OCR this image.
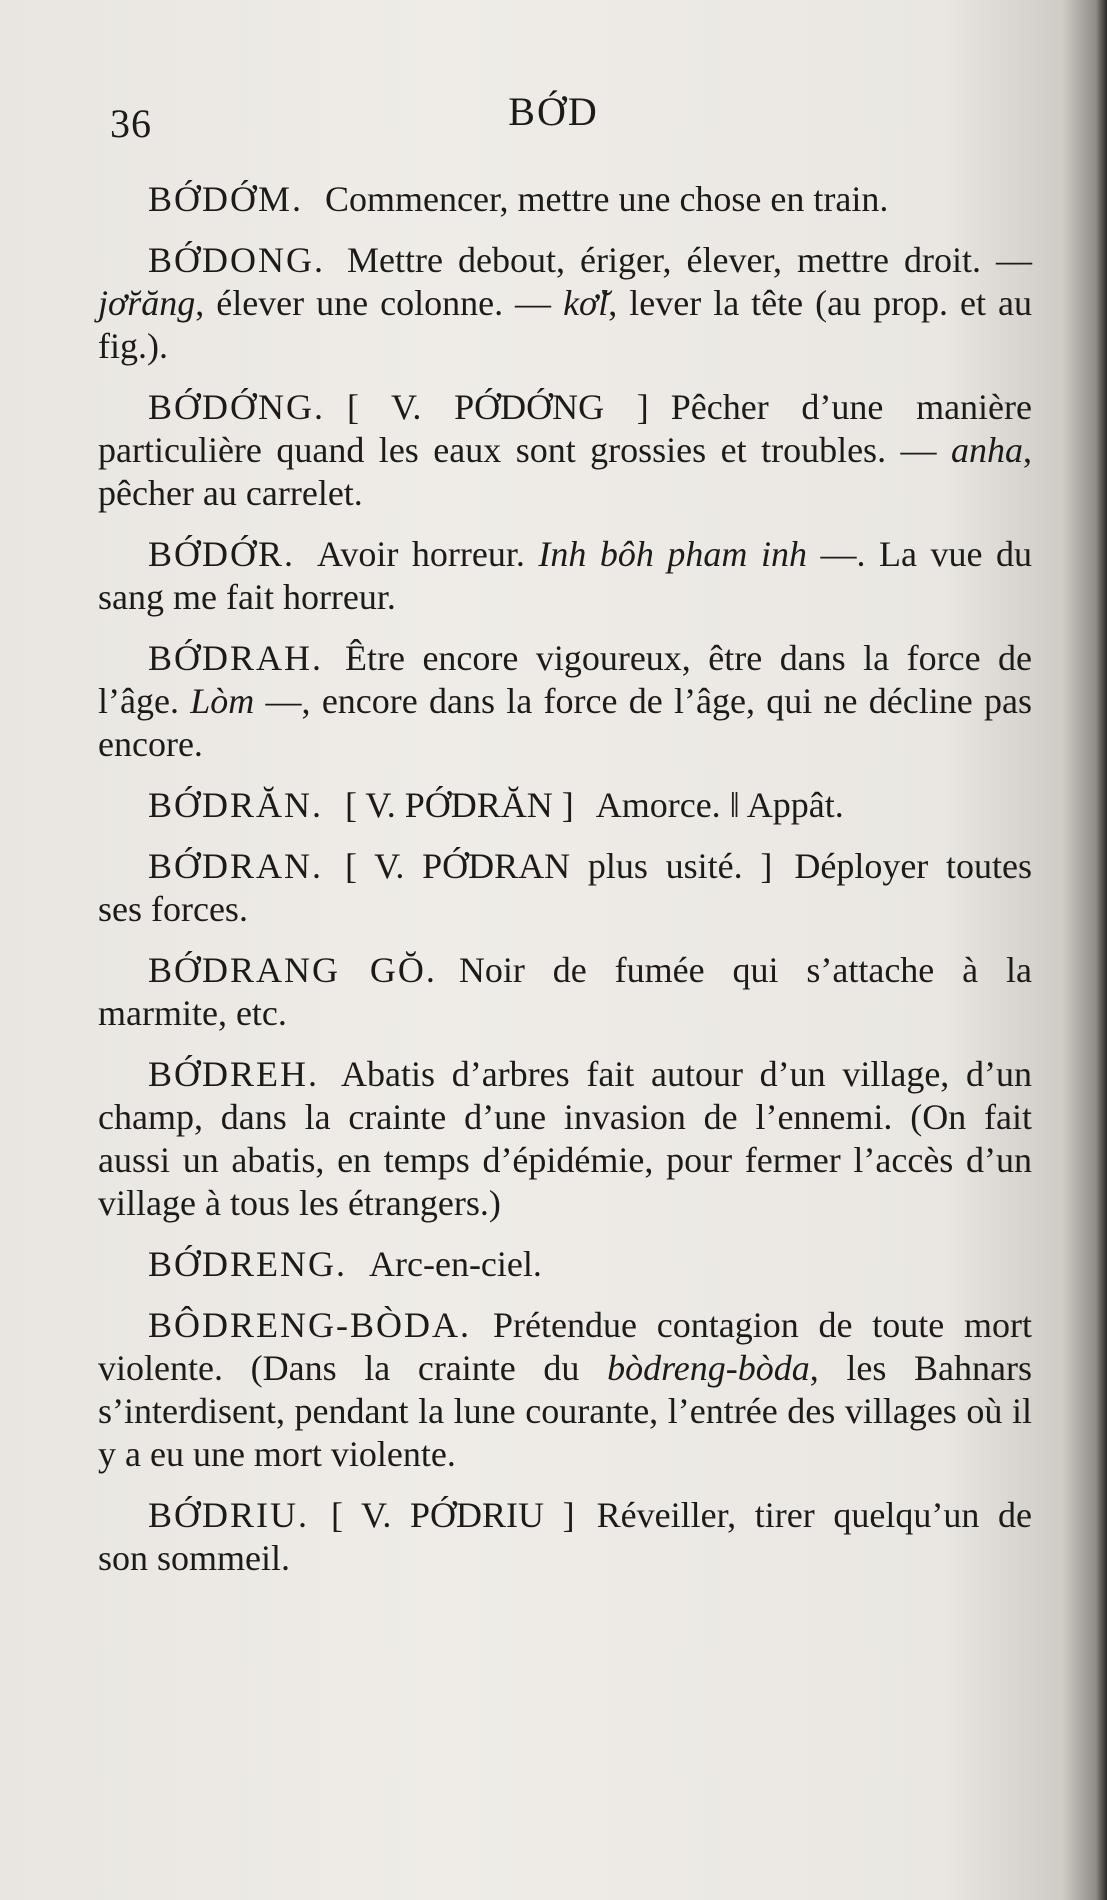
36	BỚD

BỚDỚM. Commencer, mettre une chose en train.

BỚDONG. Mettre debout, ériger, élever, mettre droit. — jơ̆răng, élever une colonne. — kơ̆l, lever la tête (au prop. et au fig.).

BỚDỚNG. [ V. PỚDỚNG ] Pêcher d’une manière particulière quand les eaux sont grossies et troubles. — anha, pêcher au carrelet.

BỚDỚR. Avoir horreur. Inh bôh pham inh —. La vue du sang me fait horreur.

BỚDRAH. Être encore vigoureux, être dans la force de l’âge. Lòm —, encore dans la force de l’âge, qui ne décline pas encore.

BỚDRĂN. [ V. PỚDRĂN ] Amorce. ‖ Appât.

BỚDRAN. [ V. PỚDRAN plus usité. ] Déployer toutes ses forces.

BỚDRANG GŎ. Noir de fumée qui s’attache à la marmite, etc.

BỚDREH. Abatis d’arbres fait autour d’un village, d’un champ, dans la crainte d’une invasion de l’ennemi. (On fait aussi un abatis, en temps d’épidémie, pour fermer l’accès d’un village à tous les étrangers.)

BỚDRENG. Arc-en-ciel.

BÔDRENG-BÒDA. Prétendue contagion de toute mort violente. (Dans la crainte du bòdreng-bòda, les Bahnars s’interdisent, pendant la lune courante, l’entrée des villages où il y a eu une mort violente.

BỚDRIU. [ V. PỚDRIU ] Réveiller, tirer quelqu’un de son sommeil.
